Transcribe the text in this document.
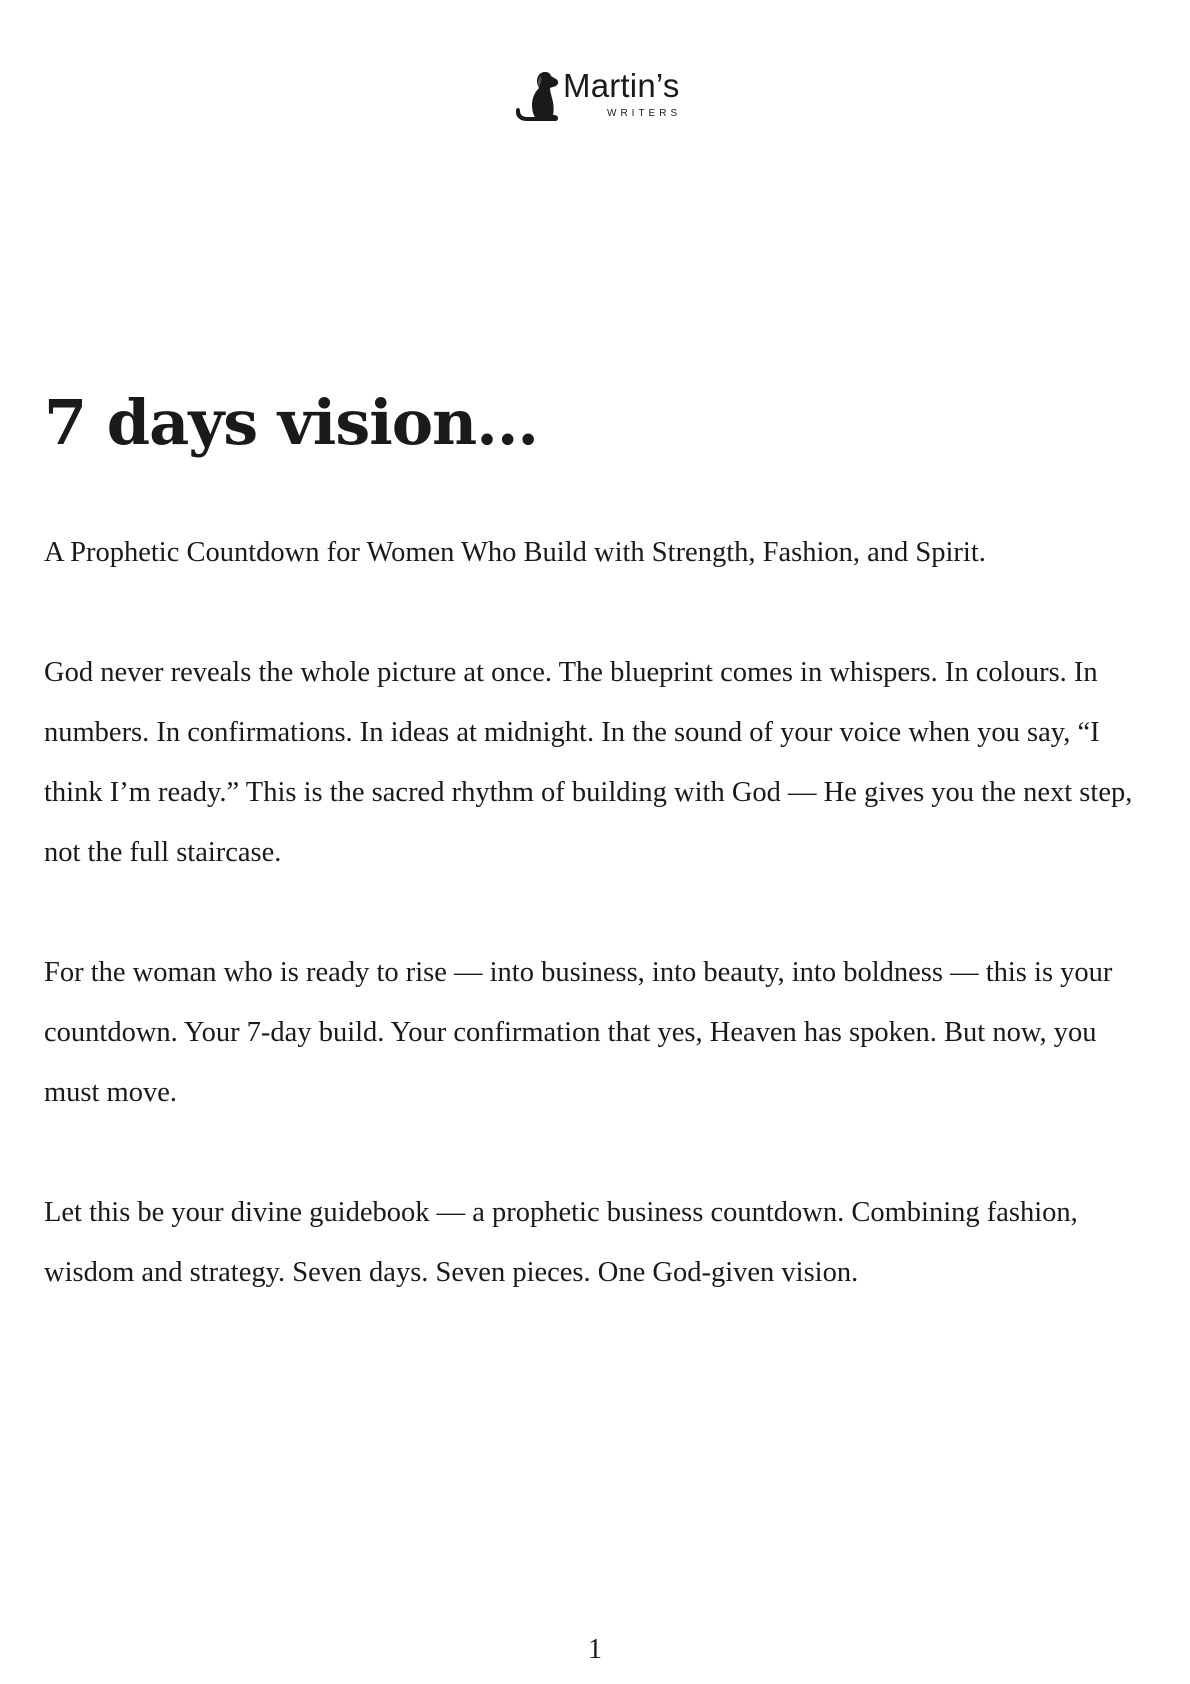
Martin’s
WRITERS
7 days vision...

A Prophetic Countdown for Women Who Build with Strength, Fashion, and Spirit.

God never reveals the whole picture at once. The blueprint comes in whispers. In colours. In numbers. In confirmations. In ideas at midnight. In the sound of your voice when you say, “I think I’m ready.” This is the sacred rhythm of building with God — He gives you the next step, not the full staircase.

For the woman who is ready to rise — into business, into beauty, into boldness — this is your countdown. Your 7-day build. Your confirmation that yes, Heaven has spoken. But now, you must move.

Let this be your divine guidebook — a prophetic business countdown. Combining fashion, wisdom and strategy. Seven days. Seven pieces. One God-given vision.

1
